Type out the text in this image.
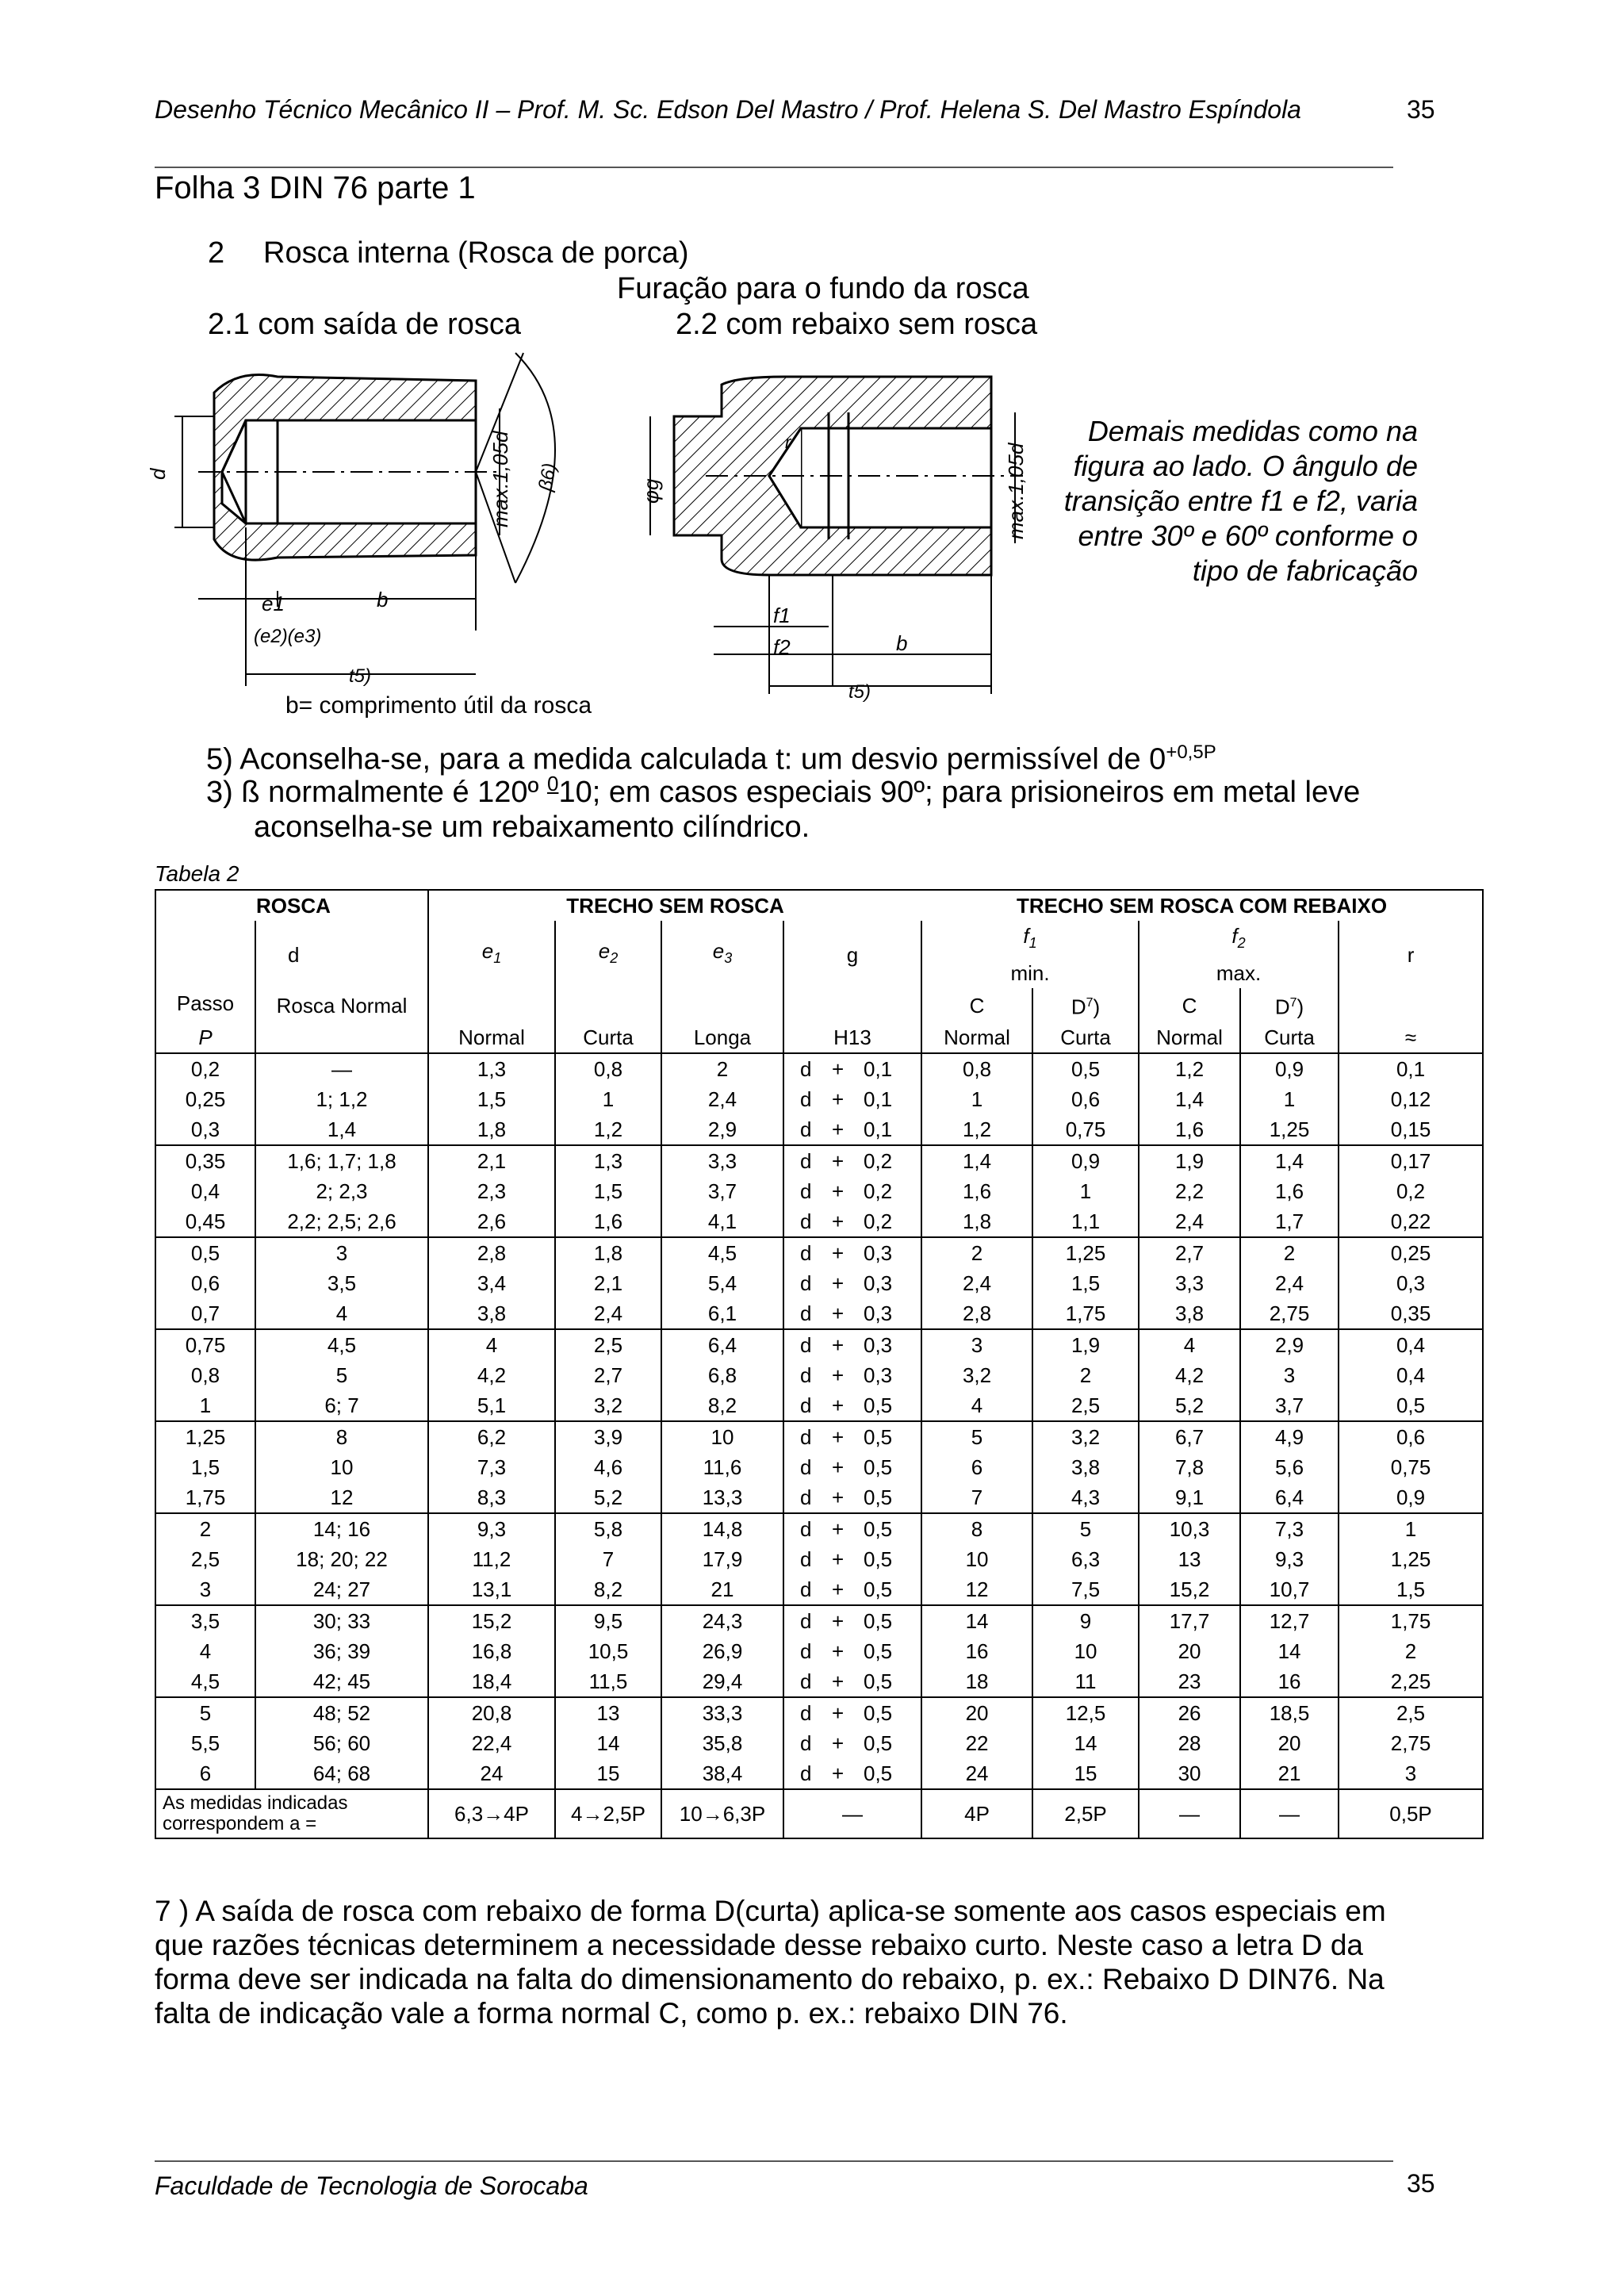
Desenho Técnico Mecânico II – Prof. M. Sc. Edson Del Mastro / Prof. Helena S. Del Mastro Espíndola	35
Folha 3 DIN 76 parte 1
2 Rosca interna (Rosca de porca)
Furação para o fundo da rosca
2.1 com saída de rosca	2.2 com rebaixo sem rosca
d	max.1,05d β6)
e1	b
(e2)(e3)
t5)
φg	max.1,05d
r
f1
f2	b
t5)
Demais medidas como na figura ao lado. O ângulo de transição entre f1 e f2, varia entre 30º e 60º conforme o tipo de fabricação
b= comprimento útil da rosca
5) Aconselha-se, para a medida calculada t: um desvio permissível de $0^{+0,5P}$
3) ß normalmente é 120º $^0$10; em casos especiais 90º; para prisioneiros em metal leve
aconselha-se um rebaixamento cilíndrico.
Tabela 2
ROSCA		TRECHO SEM ROSCA				TRECHO SEM ROSCA COM REBAIXO				
	d	$e_1$	$e_2$	$e_3$	g	$f_1$		$f_2$		r
						min.		max.		
Passo	Rosca Normal					C	$D^7$)	C	$D^7$)	
P		Normal	Curta	Longa	H13	Normal	Curta	Normal	Curta	≈
0,2	—	1,3	0,8	2	d + 0,1	0,8	0,5	1,2	0,9	0,1
0,25	1; 1,2	1,5	1	2,4	d + 0,1	1	0,6	1,4	1	0,12
0,3	1,4	1,8	1,2	2,9	d + 0,1	1,2	0,75	1,6	1,25	0,15
0,35	1,6; 1,7; 1,8	2,1	1,3	3,3	d + 0,2	1,4	0,9	1,9	1,4	0,17
0,4	2; 2,3	2,3	1,5	3,7	d + 0,2	1,6	1	2,2	1,6	0,2
0,45	2,2; 2,5; 2,6	2,6	1,6	4,1	d + 0,2	1,8	1,1	2,4	1,7	0,22
0,5	3	2,8	1,8	4,5	d + 0,3	2	1,25	2,7	2	0,25
0,6	3,5	3,4	2,1	5,4	d + 0,3	2,4	1,5	3,3	2,4	0,3
0,7	4	3,8	2,4	6,1	d + 0,3	2,8	1,75	3,8	2,75	0,35
0,75	4,5	4	2,5	6,4	d + 0,3	3	1,9	4	2,9	0,4
0,8	5	4,2	2,7	6,8	d + 0,3	3,2	2	4,2	3	0,4
1	6; 7	5,1	3,2	8,2	d + 0,5	4	2,5	5,2	3,7	0,5
1,25	8	6,2	3,9	10	d + 0,5	5	3,2	6,7	4,9	0,6
1,5	10	7,3	4,6	11,6	d + 0,5	6	3,8	7,8	5,6	0,75
1,75	12	8,3	5,2	13,3	d + 0,5	7	4,3	9,1	6,4	0,9
2	14; 16	9,3	5,8	14,8	d + 0,5	8	5	10,3	7,3	1
2,5	18; 20; 22	11,2	7	17,9	d + 0,5	10	6,3	13	9,3	1,25
3	24; 27	13,1	8,2	21	d + 0,5	12	7,5	15,2	10,7	1,5
3,5	30; 33	15,2	9,5	24,3	d + 0,5	14	9	17,7	12,7	1,75
4	36; 39	16,8	10,5	26,9	d + 0,5	16	10	20	14	2
4,5	42; 45	18,4	11,5	29,4	d + 0,5	18	11	23	16	2,25
5	48; 52	20,8	13	33,3	d + 0,5	20	12,5	26	18,5	2,5
5,5	56; 60	22,4	14	35,8	d + 0,5	22	14	28	20	2,75
6	64; 68	24	15	38,4	d + 0,5	24	15	30	21	3
As medidas indicadas correspondem a =		6,3→4P	4→2,5P	10→6,3P	—	4P	2,5P	—	—	0,5P
7 ) A saída de rosca com rebaixo de forma D(curta) aplica-se somente aos casos especiais em que razões técnicas determinem a necessidade desse rebaixo curto. Neste caso a letra D da forma deve ser indicada na falta do dimensionamento do rebaixo, p. ex.: Rebaixo D DIN76. Na falta de indicação vale a forma normal C, como p. ex.: rebaixo DIN 76.
Faculdade de Tecnologia de Sorocaba	35
